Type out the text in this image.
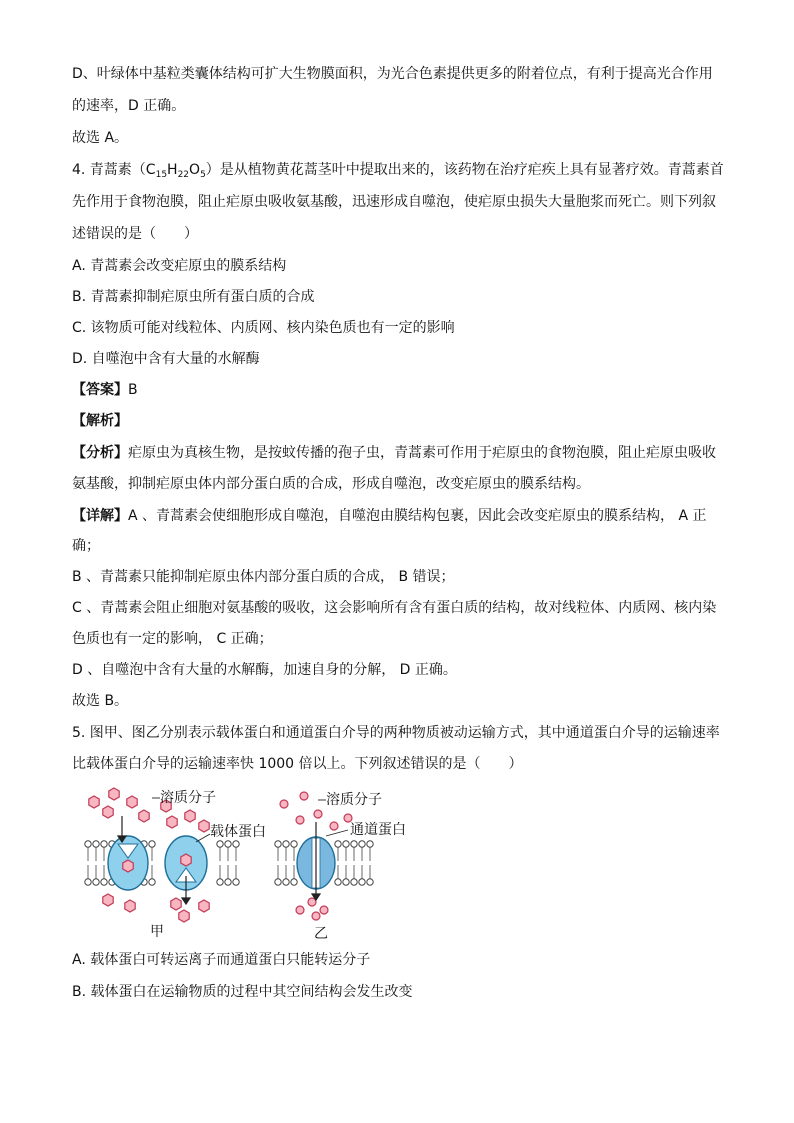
D、叶绿体中基粒类囊体结构可扩大生物膜面积，为光合色素提供更多的附着位点，有利于提高光合作用
的速率，D 正确。
故选 A。
4. 青蒿素$(C_{15}H_{22}O_5)$是从植物黄花蒿茎叶中提取出来的，该药物在治疗疟疾上具有显著疗效。青蒿素首
先作用于食物泡膜，阻止疟原虫吸收氨基酸，迅速形成自噬泡，使疟原虫损失大量胞浆而死亡。则下列叙
述错误的是（　　）
A. 青蒿素会改变疟原虫的膜系结构
B. 青蒿素抑制疟原虫所有蛋白质的合成
C. 该物质可能对线粒体、内质网、核内染色质也有一定的影响
D. 自噬泡中含有大量的水解酶
【答案】B
【解析】
【分析】疟原虫为真核生物，是按蚊传播的孢子虫，青蒿素可作用于疟原虫的食物泡膜，阻止疟原虫吸收
氨基酸，抑制疟原虫体内部分蛋白质的合成，形成自噬泡，改变疟原虫的膜系结构。
【详解】A 、青蒿素会使细胞形成自噬泡，自噬泡由膜结构包裹，因此会改变疟原虫的膜系结构， A 正
确；
B 、青蒿素只能抑制疟原虫体内部分蛋白质的合成， B 错误；
C 、青蒿素会阻止细胞对氨基酸的吸收，这会影响所有含有蛋白质的结构，故对线粒体、内质网、核内染
色质也有一定的影响， C 正确；
D 、自噬泡中含有大量的水解酶，加速自身的分解， D 正确。
故选 B。
5. 图甲、图乙分别表示载体蛋白和通道蛋白介导的两种物质被动运输方式，其中通道蛋白介导的运输速率
比载体蛋白介导的运输速率快 1000 倍以上。下列叙述错误的是（　　）
溶质分子
载体蛋白
甲
溶质分子
通道蛋白
乙
A. 载体蛋白可转运离子而通道蛋白只能转运分子
B. 载体蛋白在运输物质的过程中其空间结构会发生改变
